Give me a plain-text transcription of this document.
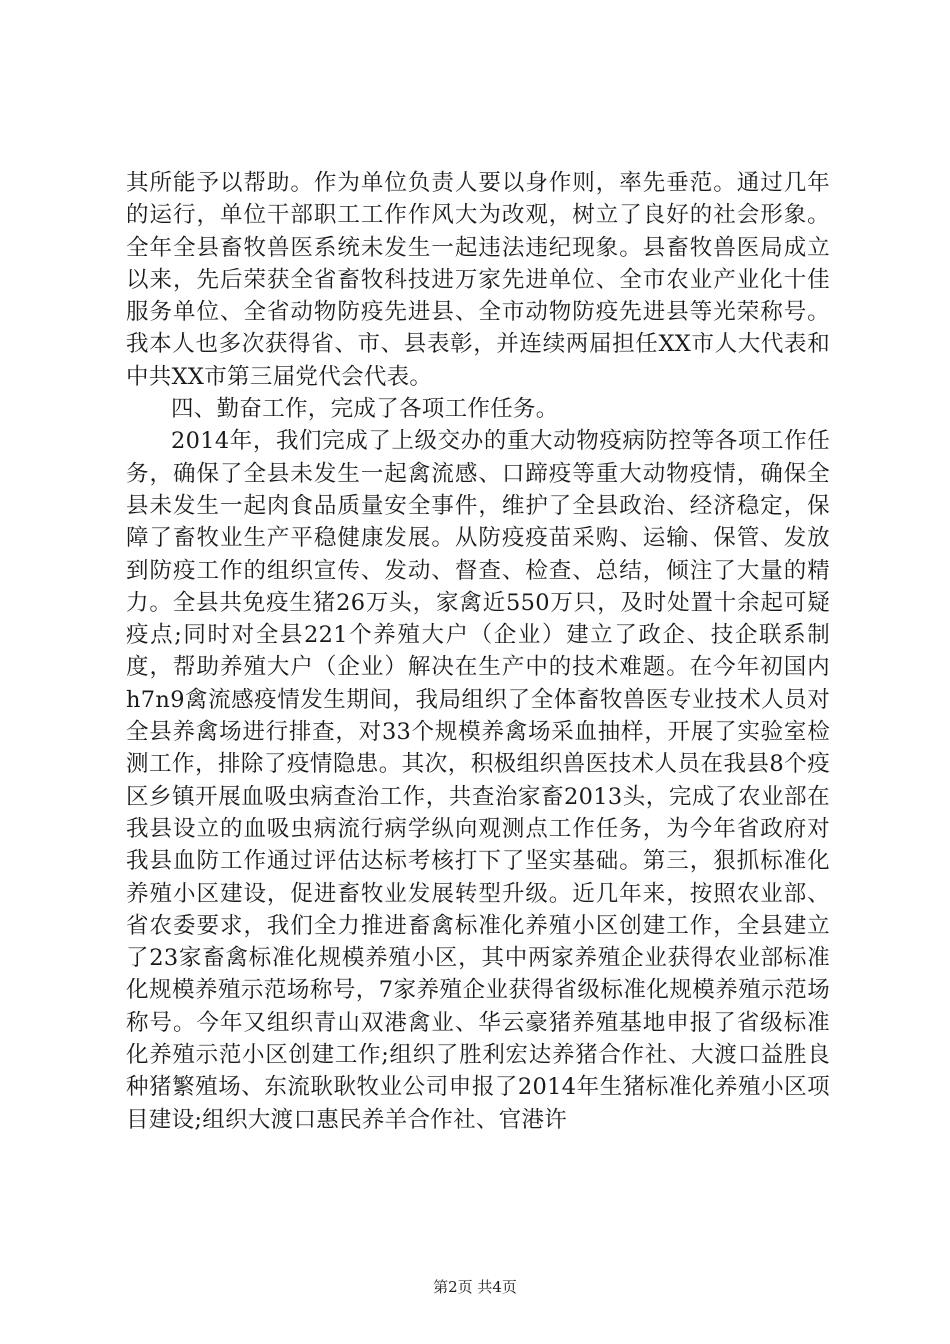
其所能予以帮助。作为单位负责人要以身作则，率先垂范。通过几年的运行，单位干部职工工作作风大为改观，树立了良好的社会形象。全年全县畜牧兽医系统未发生一起违法违纪现象。县畜牧兽医局成立以来，先后荣获全省畜牧科技进万家先进单位、全市农业产业化十佳服务单位、全省动物防疫先进县、全市动物防疫先进县等光荣称号。我本人也多次获得省、市、县表彰，并连续两届担任XX市人大代表和中共XX市第三届党代会代表。

四、勤奋工作，完成了各项工作任务。

2014年，我们完成了上级交办的重大动物疫病防控等各项工作任务，确保了全县未发生一起禽流感、口蹄疫等重大动物疫情，确保全县未发生一起肉食品质量安全事件，维护了全县政治、经济稳定，保障了畜牧业生产平稳健康发展。从防疫疫苗采购、运输、保管、发放到防疫工作的组织宣传、发动、督查、检查、总结，倾注了大量的精力。全县共免疫生猪26万头，家禽近550万只，及时处置十余起可疑疫点;同时对全县221个养殖大户（企业）建立了政企、技企联系制度，帮助养殖大户（企业）解决在生产中的技术难题。在今年初国内h7n9禽流感疫情发生期间，我局组织了全体畜牧兽医专业技术人员对全县养禽场进行排查，对33个规模养禽场采血抽样，开展了实验室检测工作，排除了疫情隐患。其次，积极组织兽医技术人员在我县8个疫区乡镇开展血吸虫病查治工作，共查治家畜2013头，完成了农业部在我县设立的血吸虫病流行病学纵向观测点工作任务，为今年省政府对我县血防工作通过评估达标考核打下了坚实基础。第三，狠抓标准化养殖小区建设，促进畜牧业发展转型升级。近几年来，按照农业部、省农委要求，我们全力推进畜禽标准化养殖小区创建工作，全县建立了23家畜禽标准化规模养殖小区，其中两家养殖企业获得农业部标准化规模养殖示范场称号，7家养殖企业获得省级标准化规模养殖示范场称号。今年又组织青山双港禽业、华云豪猪养殖基地申报了省级标准化养殖示范小区创建工作;组织了胜利宏达养猪合作社、大渡口益胜良种猪繁殖场、东流耿耿牧业公司申报了2014年生猪标准化养殖小区项目建设;组织大渡口惠民养羊合作社、官港许

第2页 共4页
